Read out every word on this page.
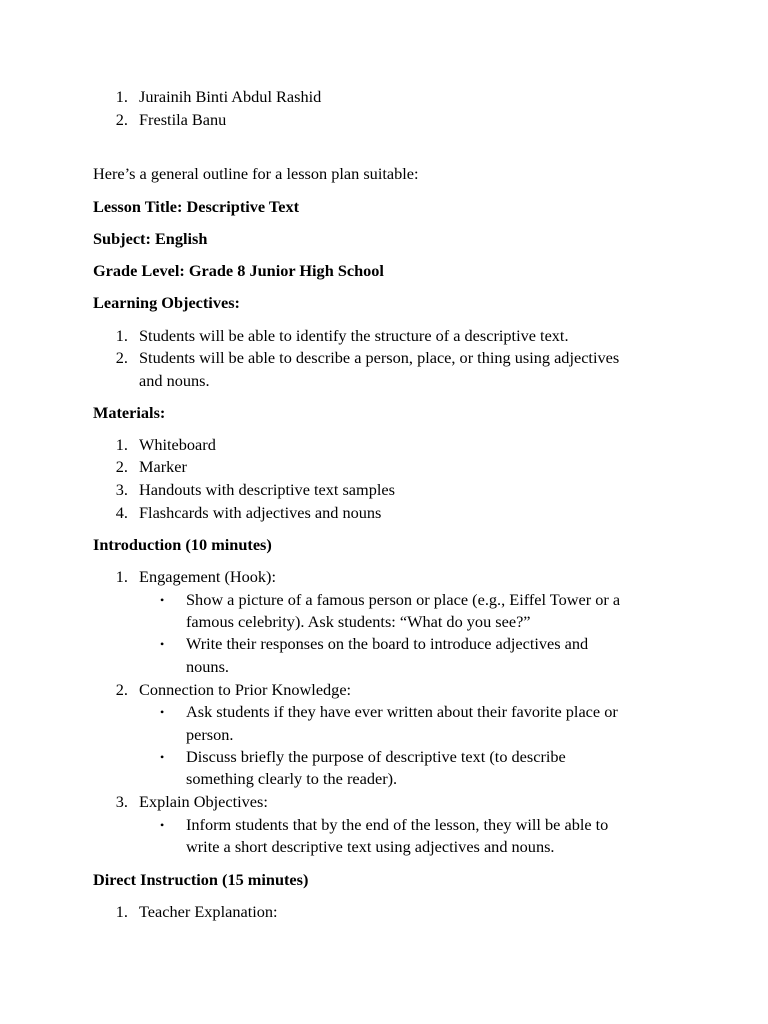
1. Jurainih Binti Abdul Rashid
2. Frestila Banu
Here’s a general outline for a lesson plan suitable:
Lesson Title: Descriptive Text
Subject: English
Grade Level: Grade 8 Junior High School
Learning Objectives:
1. Students will be able to identify the structure of a descriptive text.
2. Students will be able to describe a person, place, or thing using adjectives
and nouns.
Materials:
1. Whiteboard
2. Marker
3. Handouts with descriptive text samples
4. Flashcards with adjectives and nouns
Introduction (10 minutes)
1. Engagement (Hook):
• Show a picture of a famous person or place (e.g., Eiffel Tower or a
famous celebrity). Ask students: “What do you see?”
• Write their responses on the board to introduce adjectives and
nouns.
2. Connection to Prior Knowledge:
• Ask students if they have ever written about their favorite place or
person.
• Discuss briefly the purpose of descriptive text (to describe
something clearly to the reader).
3. Explain Objectives:
• Inform students that by the end of the lesson, they will be able to
write a short descriptive text using adjectives and nouns.
Direct Instruction (15 minutes)
1. Teacher Explanation:
